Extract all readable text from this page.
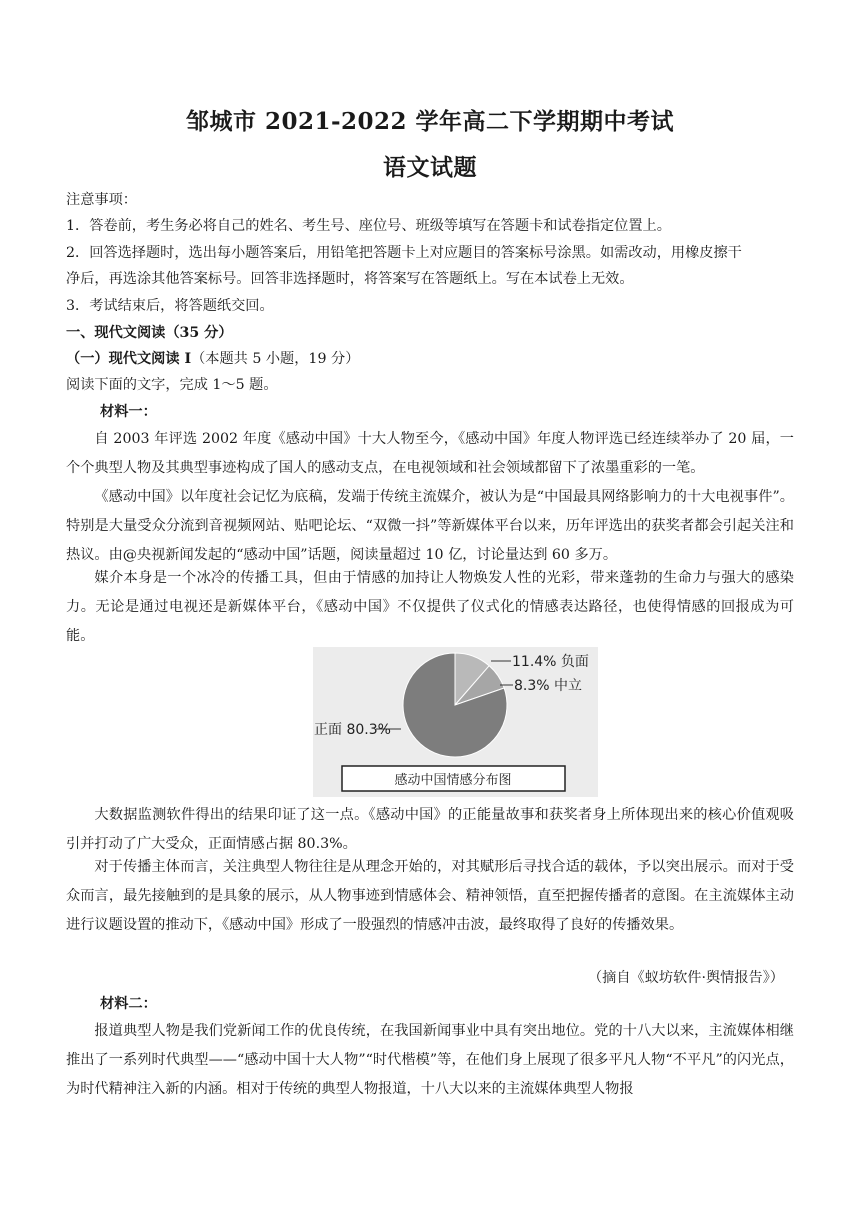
邹城市 2021-2022 学年高二下学期期中考试
语文试题
注意事项：
1．答卷前，考生务必将自己的姓名、考生号、座位号、班级等填写在答题卡和试卷指定位置上。
2．回答选择题时，选出每小题答案后，用铅笔把答题卡上对应题目的答案标号涂黑。如需改动，用橡皮擦干
净后，再选涂其他答案标号。回答非选择题时，将答案写在答题纸上。写在本试卷上无效。
3．考试结束后，将答题纸交回。
一、现代文阅读（35 分）
（一）现代文阅读 I（本题共 5 小题，19 分）
阅读下面的文字，完成 1～5 题。
材料一：
自 2003 年评选 2002 年度《感动中国》十大人物至今，《感动中国》年度人物评选已经连续举办了 20 届，一个个典型人物及其典型事迹构成了国人的感动支点，在电视领域和社会领域都留下了浓墨重彩的一笔。
《感动中国》以年度社会记忆为底稿，发端于传统主流媒介，被认为是“中国最具网络影响力的十大电视事件”。特别是大量受众分流到音视频网站、贴吧论坛、“双微一抖”等新媒体平台以来，历年评选出的获奖者都会引起关注和热议。由@央视新闻发起的“感动中国”话题，阅读量超过 10 亿，讨论量达到 60 多万。
媒介本身是一个冰冷的传播工具，但由于情感的加持让人物焕发人性的光彩，带来蓬勃的生命力与强大的感染力。无论是通过电视还是新媒体平台，《感动中国》不仅提供了仪式化的情感表达路径，也使得情感的回报成为可能。
11.4% 负面
8.3% 中立
正面 80.3%
感动中国情感分布图
大数据监测软件得出的结果印证了这一点。《感动中国》的正能量故事和获奖者身上所体现出来的核心价值观吸引并打动了广大受众，正面情感占据 80.3%。
对于传播主体而言，关注典型人物往往是从理念开始的，对其赋形后寻找合适的载体，予以突出展示。而对于受众而言，最先接触到的是具象的展示，从人物事迹到情感体会、精神领悟，直至把握传播者的意图。在主流媒体主动进行议题设置的推动下，《感动中国》形成了一股强烈的情感冲击波，最终取得了良好的传播效果。
（摘自《蚁坊软件·舆情报告》）
材料二：
报道典型人物是我们党新闻工作的优良传统，在我国新闻事业中具有突出地位。党的十八大以来，主流媒体相继推出了一系列时代典型——“感动中国十大人物”“时代楷模”等，在他们身上展现了很多平凡人物“不平凡”的闪光点，为时代精神注入新的内涵。相对于传统的典型人物报道，十八大以来的主流媒体典型人物报
